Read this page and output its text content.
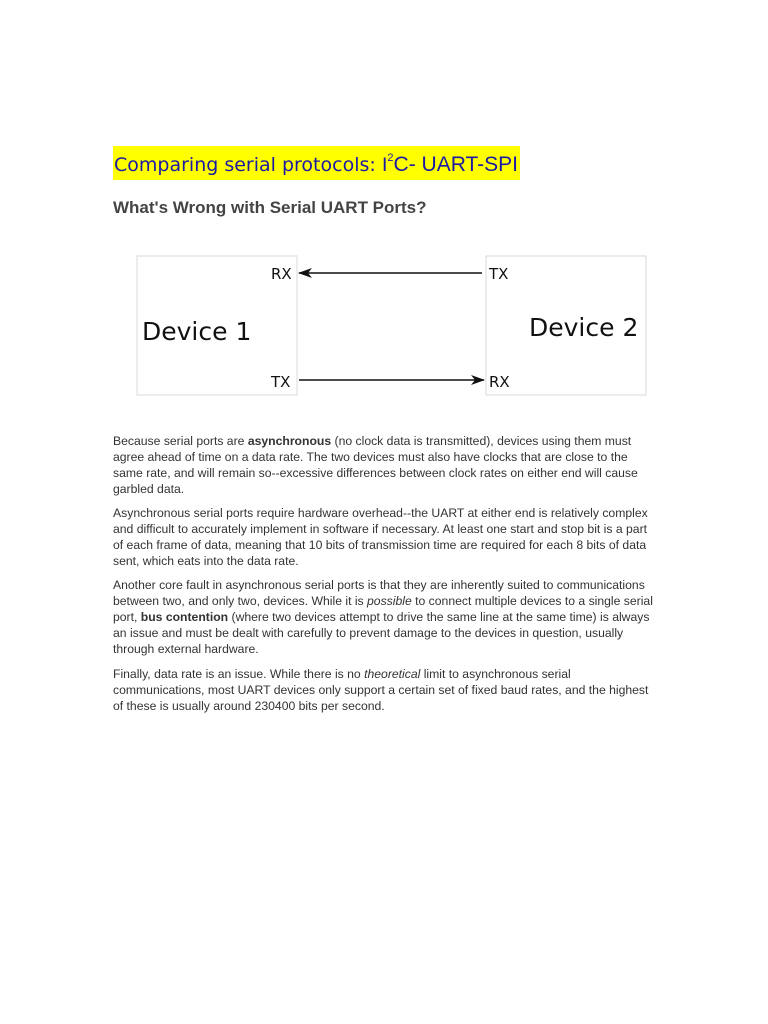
Comparing serial protocols: $I^2C-$ UART-SPI
What's Wrong with Serial UART Ports?
Device 1	Device 2
RX
TX
TX
RX

Because serial ports are asynchronous (no clock data is transmitted), devices using them must agree ahead of time on a data rate. The two devices must also have clocks that are close to the same rate, and will remain so--excessive differences between clock rates on either end will cause garbled data.

Asynchronous serial ports require hardware overhead--the UART at either end is relatively complex and difficult to accurately implement in software if necessary. At least one start and stop bit is a part of each frame of data, meaning that 10 bits of transmission time are required for each 8 bits of data sent, which eats into the data rate.

Another core fault in asynchronous serial ports is that they are inherently suited to communications between two, and only two, devices. While it is possible to connect multiple devices to a single serial port, bus contention (where two devices attempt to drive the same line at the same time) is always an issue and must be dealt with carefully to prevent damage to the devices in question, usually through external hardware.

Finally, data rate is an issue. While there is no theoretical limit to asynchronous serial communications, most UART devices only support a certain set of fixed baud rates, and the highest of these is usually around 230400 bits per second.
